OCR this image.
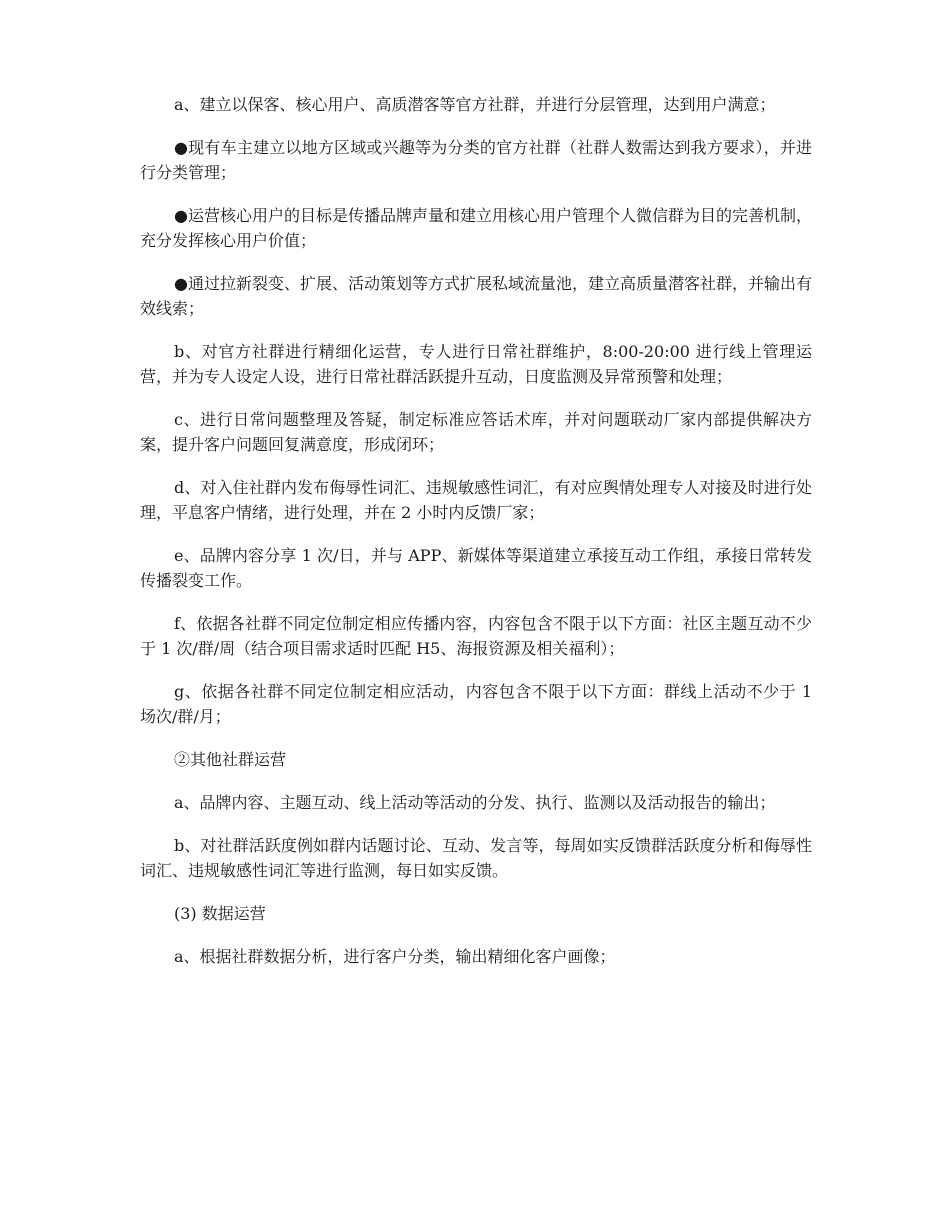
a、建立以保客、核心用户、高质潜客等官方社群，并进行分层管理，达到用户满意；

●现有车主建立以地方区域或兴趣等为分类的官方社群（社群人数需达到我方要求），并进行分类管理；

●运营核心用户的目标是传播品牌声量和建立用核心用户管理个人微信群为目的完善机制，充分发挥核心用户价值；

●通过拉新裂变、扩展、活动策划等方式扩展私域流量池，建立高质量潜客社群，并输出有效线索；

b、对官方社群进行精细化运营，专人进行日常社群维护，8:00-20:00 进行线上管理运营，并为专人设定人设，进行日常社群活跃提升互动，日度监测及异常预警和处理；

c、进行日常问题整理及答疑，制定标准应答话术库，并对问题联动厂家内部提供解决方案，提升客户问题回复满意度，形成闭环；

d、对入住社群内发布侮辱性词汇、违规敏感性词汇，有对应舆情处理专人对接及时进行处理，平息客户情绪，进行处理，并在 2 小时内反馈厂家；

e、品牌内容分享 1 次/日，并与 APP、新媒体等渠道建立承接互动工作组，承接日常转发传播裂变工作。

f、依据各社群不同定位制定相应传播内容，内容包含不限于以下方面：社区主题互动不少于 1 次/群/周（结合项目需求适时匹配 H5、海报资源及相关福利）；

g、依据各社群不同定位制定相应活动，内容包含不限于以下方面：群线上活动不少于 1 场次/群/月；

②其他社群运营

a、品牌内容、主题互动、线上活动等活动的分发、执行、监测以及活动报告的输出；

b、对社群活跃度例如群内话题讨论、互动、发言等，每周如实反馈群活跃度分析和侮辱性词汇、违规敏感性词汇等进行监测，每日如实反馈。

(3) 数据运营

a、根据社群数据分析，进行客户分类，输出精细化客户画像；
